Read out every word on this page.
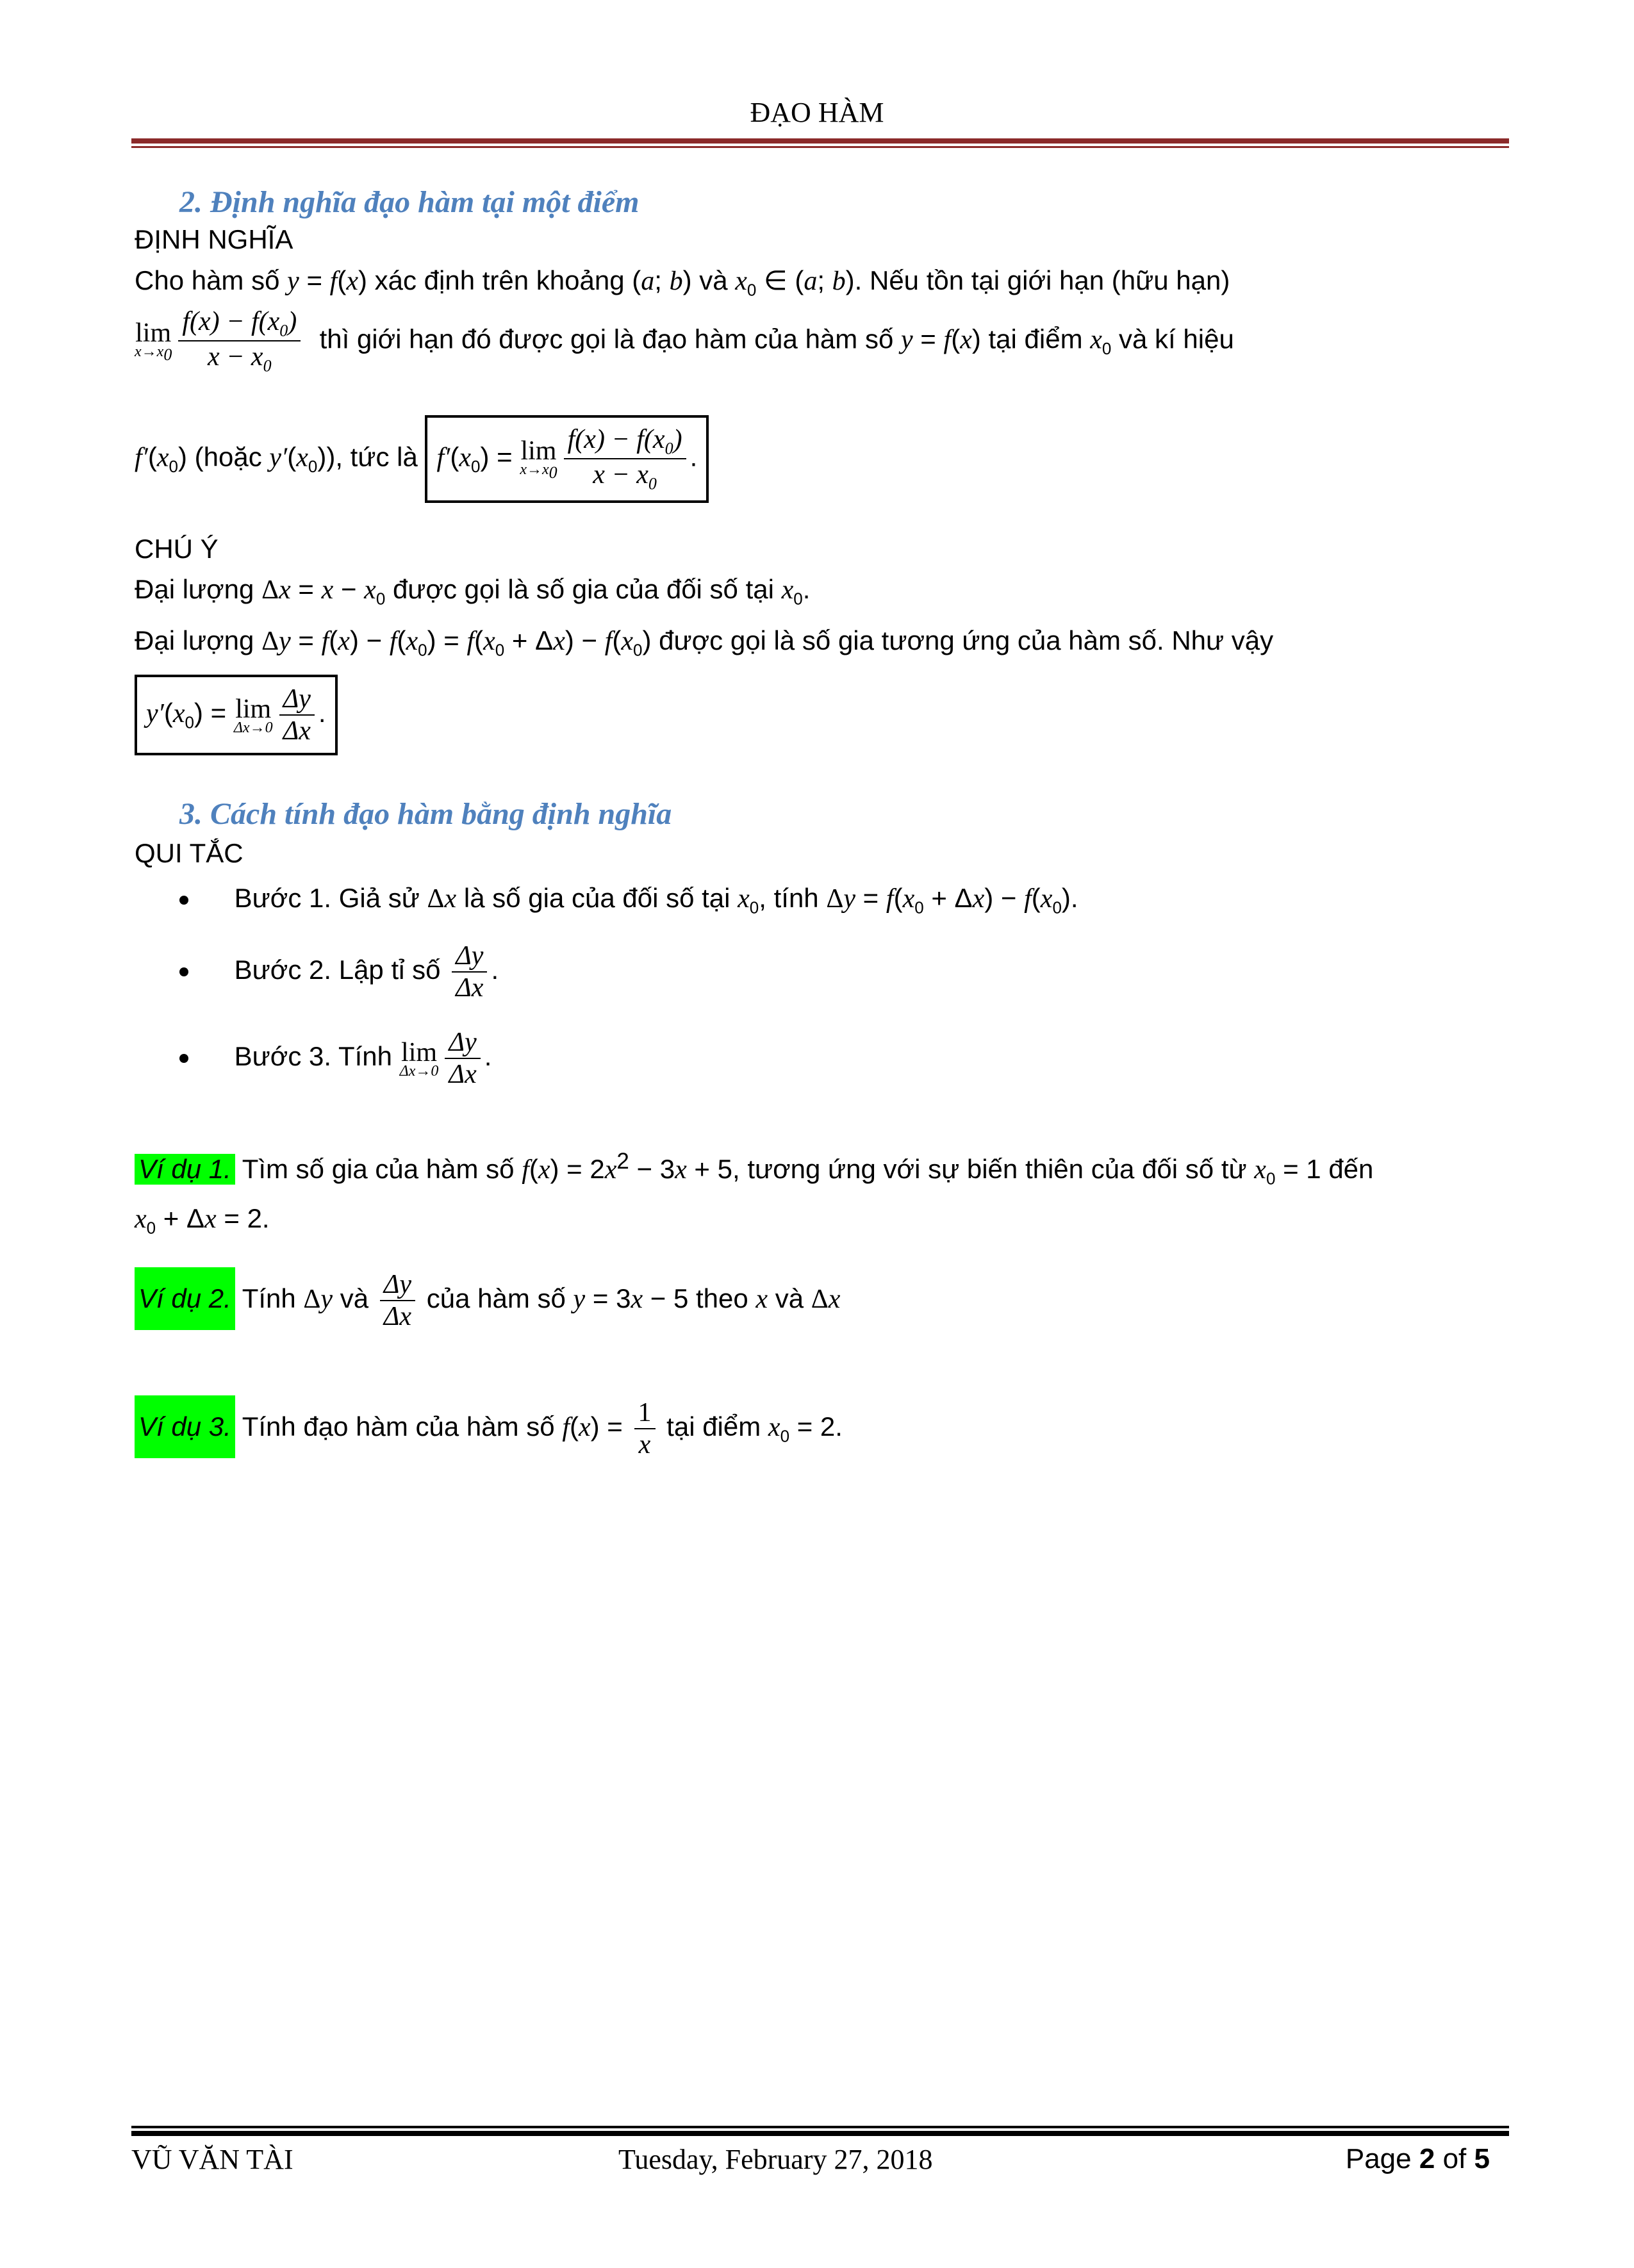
ĐẠO HÀM
2. Định nghĩa đạo hàm tại một điểm
ĐỊNH NGHĨA
Cho hàm số y = f(x) xác định trên khoảng (a; b) và $x_0$ ∈ (a; b). Nếu tồn tại giới hạn (hữu hạn)
lim
$x\to x_0 \frac{f(x) - f(x_0)}{x - x_0}$ thì giới hạn đó được gọi là đạo hàm của hàm số y = f(x) tại điểm $x_0$ và kí hiệu
$f'(x_0)$ (hoặc $y'(x_0)$), tức là $f'(x_0) = \lim$
$x\to x_0 \frac{f(x) - f(x_0)}{x - x_0}$ .
CHÚ Ý
Đại lượng $\Delta x = x - x_0$ được gọi là số gia của đối số tại $x_0$.
Đại lượng $\Delta y = f(x) - f(x_0) = f(x_0 + \Delta x) - f(x_0)$ được gọi là số gia tương ứng của hàm số. Như vậy
$y'(x_0) = \lim$
$\Delta x\to 0 \frac{\Delta y}{\Delta x}$ .
3. Cách tính đạo hàm bằng định nghĩa
QUI TẮC
Bước 1. Giả sử Δx là số gia của đối số tại $x_0$, tính $\Delta y = f(x_0 + \Delta x) - f(x_0)$.
Bước 2. Lập tỉ số $\frac{\Delta y}{\Delta x}$ .
Bước 3. Tính lim
$\Delta x\to 0 \frac{\Delta y}{\Delta x}$ .
Ví dụ 1. Tìm số gia của hàm số $f(x) = 2x^2 - 3x + 5$, tương ứng với sự biến thiên của đối số từ $x_0 = 1$ đến
$x_0 + \Delta x = 2$.
Ví dụ 2. Tính Δy và $\frac{\Delta y}{\Delta x}$ của hàm số y = 3x − 5 theo x và Δx
Ví dụ 3. Tính đạo hàm của hàm số $f(x) = \frac{1}{x}$ tại điểm $x_0 = 2$.
VŨ VĂN TÀI	Tuesday, February 27, 2018	Page 2 of 5
